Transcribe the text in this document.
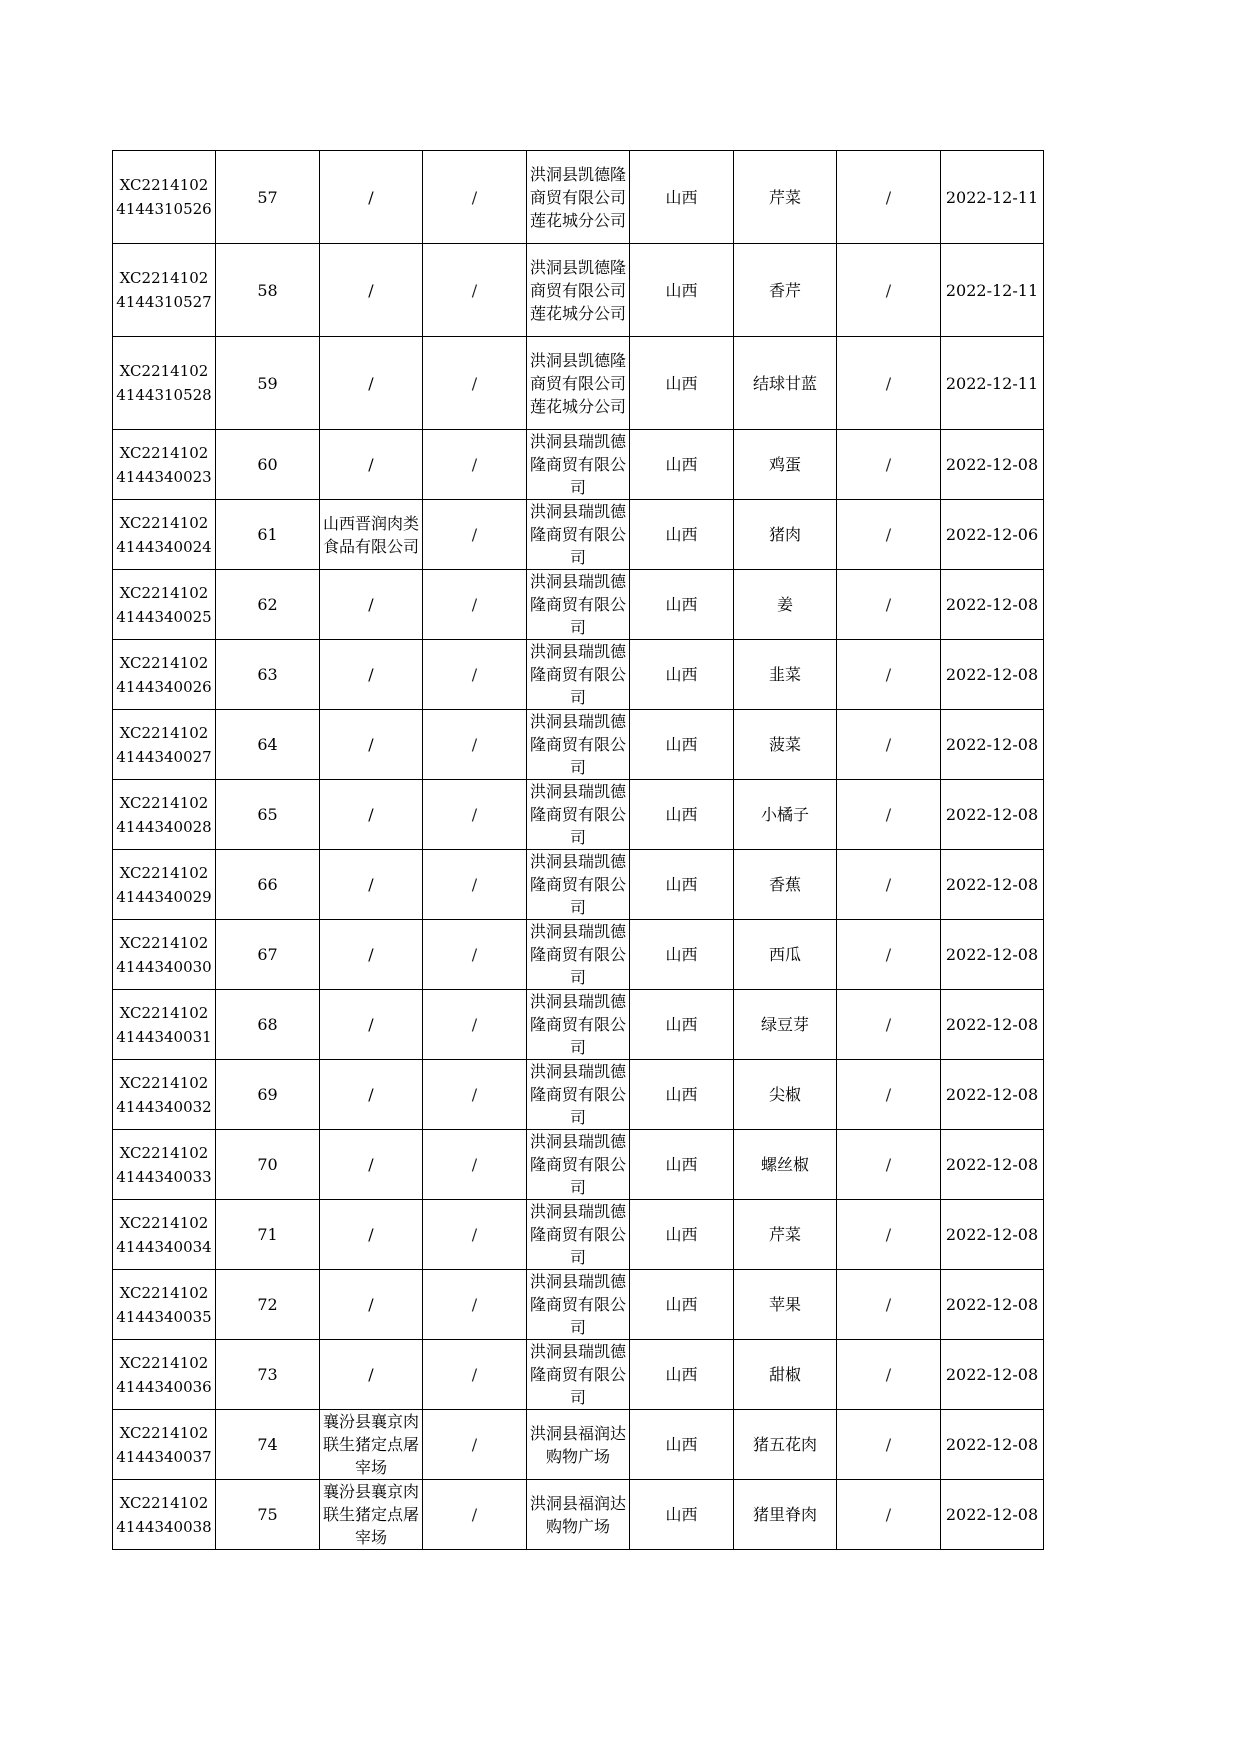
XC22141024144310526	57	/	/	洪洞县凯德隆商贸有限公司莲花城分公司	山西	芹菜	/	2022-12-11
XC22141024144310527	58	/	/	洪洞县凯德隆商贸有限公司莲花城分公司	山西	香芹	/	2022-12-11
XC22141024144310528	59	/	/	洪洞县凯德隆商贸有限公司莲花城分公司	山西	结球甘蓝	/	2022-12-11
XC22141024144340023	60	/	/	洪洞县瑞凯德隆商贸有限公司	山西	鸡蛋	/	2022-12-08
XC22141024144340024	61	山西晋润肉类食品有限公司	/	洪洞县瑞凯德隆商贸有限公司	山西	猪肉	/	2022-12-06
XC22141024144340025	62	/	/	洪洞县瑞凯德隆商贸有限公司	山西	姜	/	2022-12-08
XC22141024144340026	63	/	/	洪洞县瑞凯德隆商贸有限公司	山西	韭菜	/	2022-12-08
XC22141024144340027	64	/	/	洪洞县瑞凯德隆商贸有限公司	山西	菠菜	/	2022-12-08
XC22141024144340028	65	/	/	洪洞县瑞凯德隆商贸有限公司	山西	小橘子	/	2022-12-08
XC22141024144340029	66	/	/	洪洞县瑞凯德隆商贸有限公司	山西	香蕉	/	2022-12-08
XC22141024144340030	67	/	/	洪洞县瑞凯德隆商贸有限公司	山西	西瓜	/	2022-12-08
XC22141024144340031	68	/	/	洪洞县瑞凯德隆商贸有限公司	山西	绿豆芽	/	2022-12-08
XC22141024144340032	69	/	/	洪洞县瑞凯德隆商贸有限公司	山西	尖椒	/	2022-12-08
XC22141024144340033	70	/	/	洪洞县瑞凯德隆商贸有限公司	山西	螺丝椒	/	2022-12-08
XC22141024144340034	71	/	/	洪洞县瑞凯德隆商贸有限公司	山西	芹菜	/	2022-12-08
XC22141024144340035	72	/	/	洪洞县瑞凯德隆商贸有限公司	山西	苹果	/	2022-12-08
XC22141024144340036	73	/	/	洪洞县瑞凯德隆商贸有限公司	山西	甜椒	/	2022-12-08
XC22141024144340037	74	襄汾县襄京肉联生猪定点屠宰场	/	洪洞县福润达购物广场	山西	猪五花肉	/	2022-12-08
XC22141024144340038	75	襄汾县襄京肉联生猪定点屠宰场	/	洪洞县福润达购物广场	山西	猪里脊肉	/	2022-12-08
